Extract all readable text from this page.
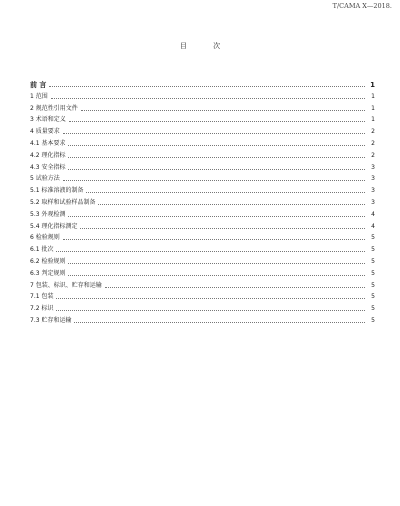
T/CAMA X—2018.
目 次
前 言	1
1 范围	1
2 规范性引用文件	1
3 术语和定义	1
4 质量要求	2
4.1 基本要求	2
4.2 理化指标	2
4.3 安全指标	3
5 试验方法	3
5.1 标准溶液的制备	3
5.2 取样和试验样品制备	3
5.3 外观检测	4
5.4 理化指标测定	4
6 检验规则	5
6.1 批次	5
6.2 检验规则	5
6.3 判定规则	5
7 包装、标识、贮存和运输	5
7.1 包装	5
7.2 标识	5
7.3 贮存和运输	5
